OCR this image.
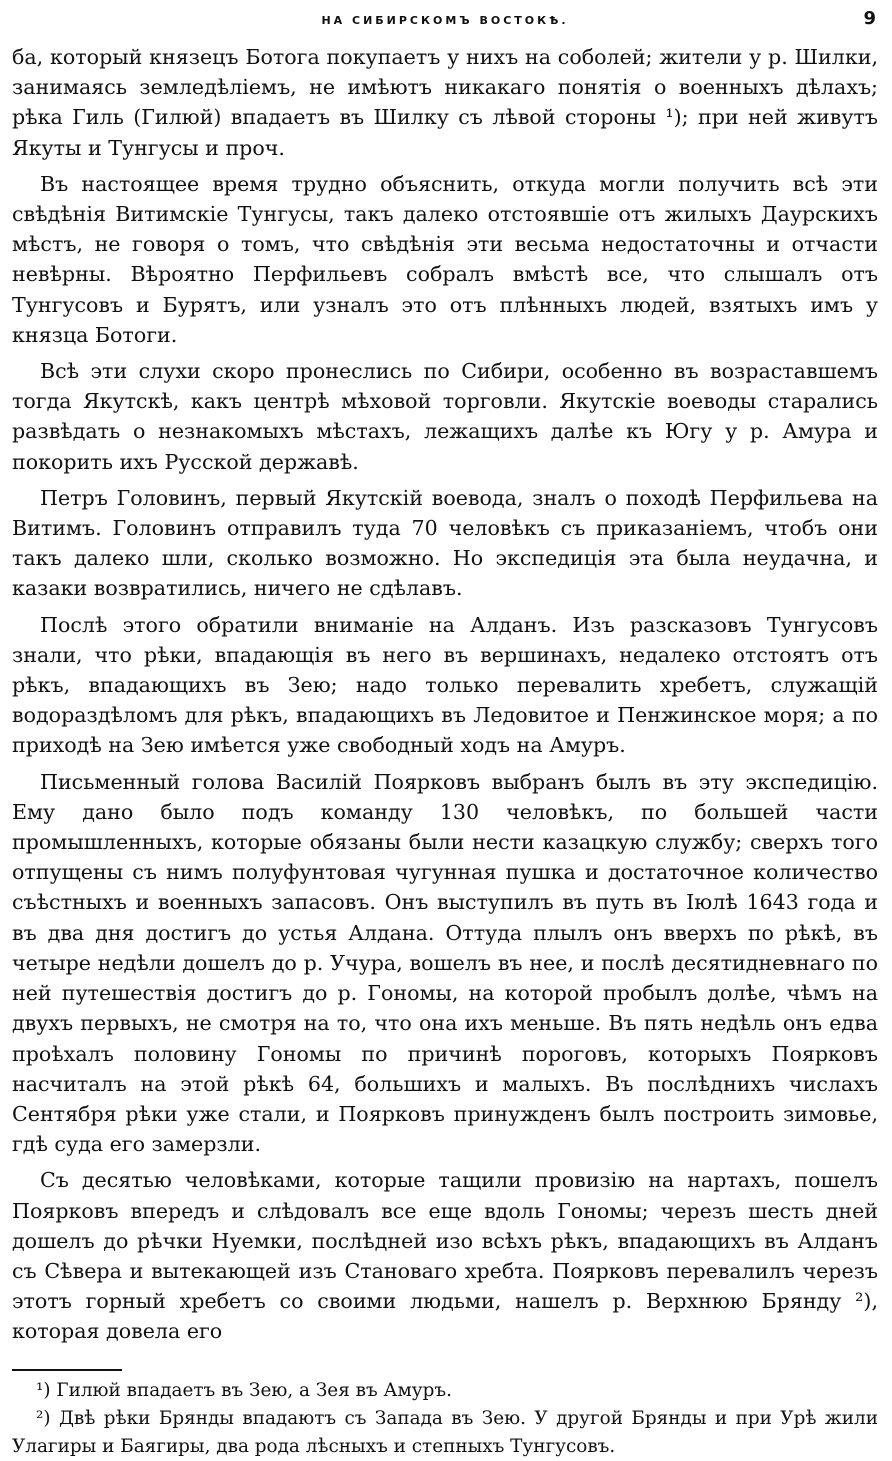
НА СИБИРСКОМЪ ВОСТОКѢ.	9

ба, который князецъ Ботога покупаетъ у нихъ на соболей; жители у р. Шилки, занимаясь земледѣліемъ, не имѣютъ никакаго понятія о военныхъ дѣлахъ; рѣка Гиль (Гилюй) впадаетъ въ Шилку съ лѣвой стороны ¹); при ней живутъ Якуты и Тунгусы и проч.

Въ настоящее время трудно объяснить, откуда могли получить всѣ эти свѣдѣнія Витимскіе Тунгусы, такъ далеко отстоявшіе отъ жилыхъ Даурскихъ мѣстъ, не говоря о томъ, что свѣдѣнія эти весьма недостаточны и отчасти невѣрны. Вѣроятно Перфильевъ собралъ вмѣстѣ все, что слышалъ отъ Тунгусовъ и Бурятъ, или узналъ это отъ плѣнныхъ людей, взятыхъ имъ у князца Ботоги.

Всѣ эти слухи скоро пронеслись по Сибири, особенно въ возраставшемъ тогда Якутскѣ, какъ центрѣ мѣховой торговли. Якутскіе воеводы старались развѣдать о незнакомыхъ мѣстахъ, лежащихъ далѣе къ Югу у р. Амура и покорить ихъ Русской державѣ.

Петръ Головинъ, первый Якутскій воевода, зналъ о походѣ Перфильева на Витимъ. Головинъ отправилъ туда 70 человѣкъ съ приказаніемъ, чтобъ они такъ далеко шли, сколько возможно. Но экспедиція эта была неудачна, и казаки возвратились, ничего не сдѣлавъ.

Послѣ этого обратили вниманіе на Алданъ. Изъ разсказовъ Тунгусовъ знали, что рѣки, впадающія въ него въ вершинахъ, недалеко отстоятъ отъ рѣкъ, впадающихъ въ Зею; надо только перевалить хребетъ, служащій водораздѣломъ для рѣкъ, впадающихъ въ Ледовитое и Пенжинское моря; а по приходѣ на Зею имѣется уже свободный ходъ на Амуръ.

Письменный голова Василій Поярковъ выбранъ былъ въ эту экспедицію. Ему дано было подъ команду 130 человѣкъ, по большей части промышленныхъ, которые обязаны были нести казацкую службу; сверхъ того отпущены съ нимъ полуфунтовая чугунная пушка и достаточное количество съѣстныхъ и военныхъ запасовъ. Онъ выступилъ въ путь въ Іюлѣ 1643 года и въ два дня достигъ до устья Алдана. Оттуда плылъ онъ вверхъ по рѣкѣ, въ четыре недѣли дошелъ до р. Учура, вошелъ въ нее, и послѣ десятидневнаго по ней путешествія достигъ до р. Гономы, на которой пробылъ долѣе, чѣмъ на двухъ первыхъ, не смотря на то, что она ихъ меньше. Въ пять недѣль онъ едва проѣхалъ половину Гономы по причинѣ пороговъ, которыхъ Поярковъ насчиталъ на этой рѣкѣ 64, большихъ и малыхъ. Въ послѣднихъ числахъ Сентября рѣки уже стали, и Поярковъ принужденъ былъ построить зимовье, гдѣ суда его замерзли.

Съ десятью человѣками, которые тащили провизію на нартахъ, пошелъ Поярковъ впередъ и слѣдовалъ все еще вдоль Гономы; черезъ шесть дней дошелъ до рѣчки Нуемки, послѣдней изо всѣхъ рѣкъ, впадающихъ въ Алданъ съ Сѣвера и вытекающей изъ Становаго хребта. Поярковъ перевалилъ черезъ этотъ горный хребетъ со своими людьми, нашелъ р. Верхнюю Брянду ²), которая довела его

¹) Гилюй впадаетъ въ Зею, а Зея въ Амуръ.

²) Двѣ рѣки Брянды впадаютъ съ Запада въ Зею. У другой Брянды и при Урѣ жили Улагиры и Баягиры, два рода лѣсныхъ и степныхъ Тунгусовъ.
